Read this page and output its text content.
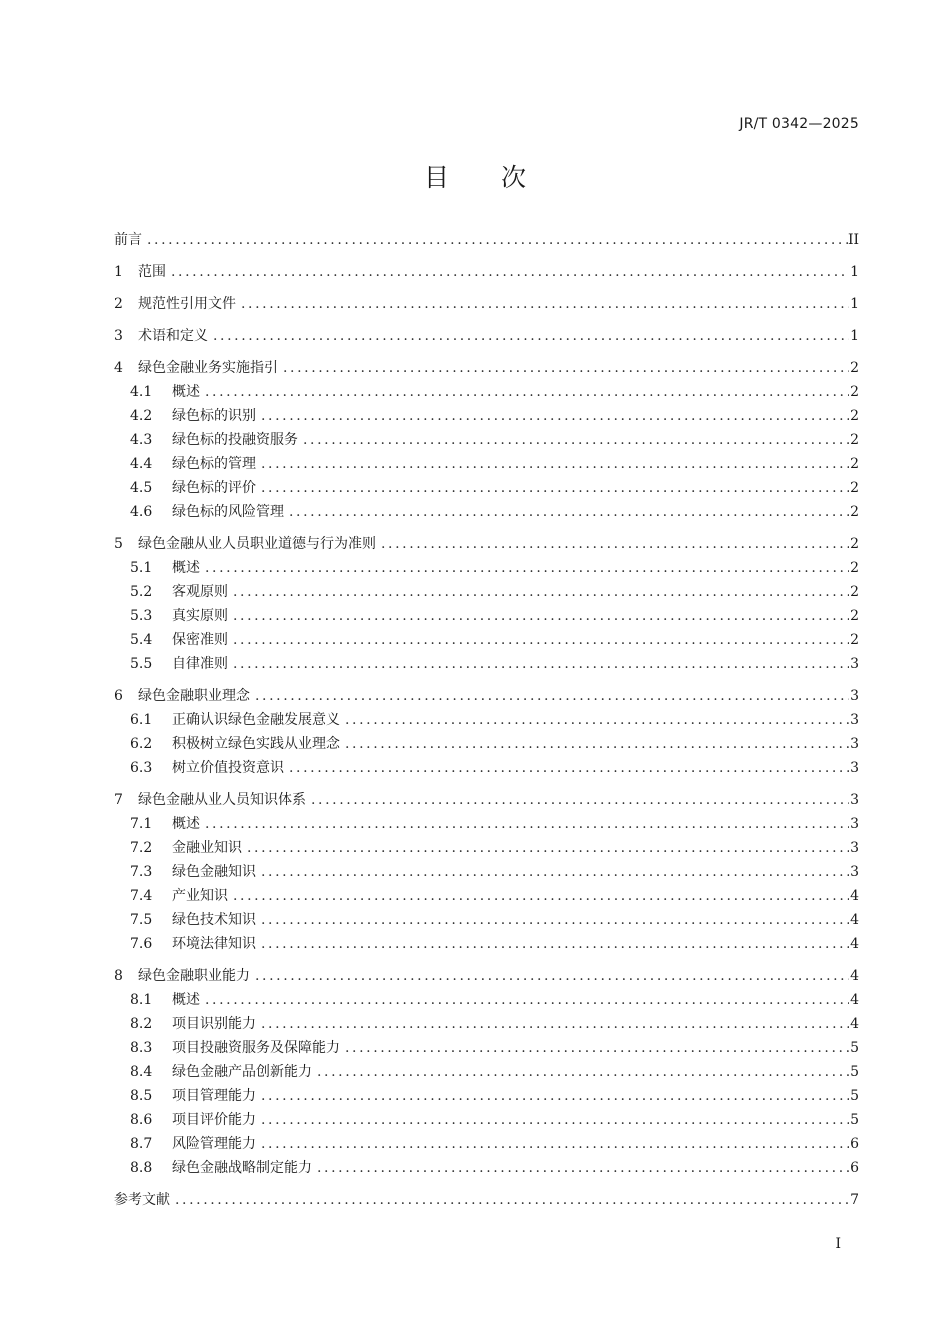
JR/T 0342—2025
目次
前言 .....	II
1	范围 .....	1
2	规范性引用文件 .....	1
3	术语和定义 .....	1
4	绿色金融业务实施指引 .....	2
4.1	概述 .....	2
4.2	绿色标的识别 .....	2
4.3	绿色标的投融资服务 .....	2
4.4	绿色标的管理 .....	2
4.5	绿色标的评价 .....	2
4.6	绿色标的风险管理 .....	2
5	绿色金融从业人员职业道德与行为准则 .....	2
5.1	概述 .....	2
5.2	客观原则 .....	2
5.3	真实原则 .....	2
5.4	保密准则 .....	2
5.5	自律准则 .....	3
6	绿色金融职业理念 .....	3
6.1	正确认识绿色金融发展意义 .....	3
6.2	积极树立绿色实践从业理念 .....	3
6.3	树立价值投资意识 .....	3
7	绿色金融从业人员知识体系 .....	3
7.1	概述 .....	3
7.2	金融业知识 .....	3
7.3	绿色金融知识 .....	3
7.4	产业知识 .....	4
7.5	绿色技术知识 .....	4
7.6	环境法律知识 .....	4
8	绿色金融职业能力 .....	4
8.1	概述 .....	4
8.2	项目识别能力 .....	4
8.3	项目投融资服务及保障能力 .....	5
8.4	绿色金融产品创新能力 .....	5
8.5	项目管理能力 .....	5
8.6	项目评价能力 .....	5
8.7	风险管理能力 .....	6
8.8	绿色金融战略制定能力 .....	6
参考文献 .....	7
I
